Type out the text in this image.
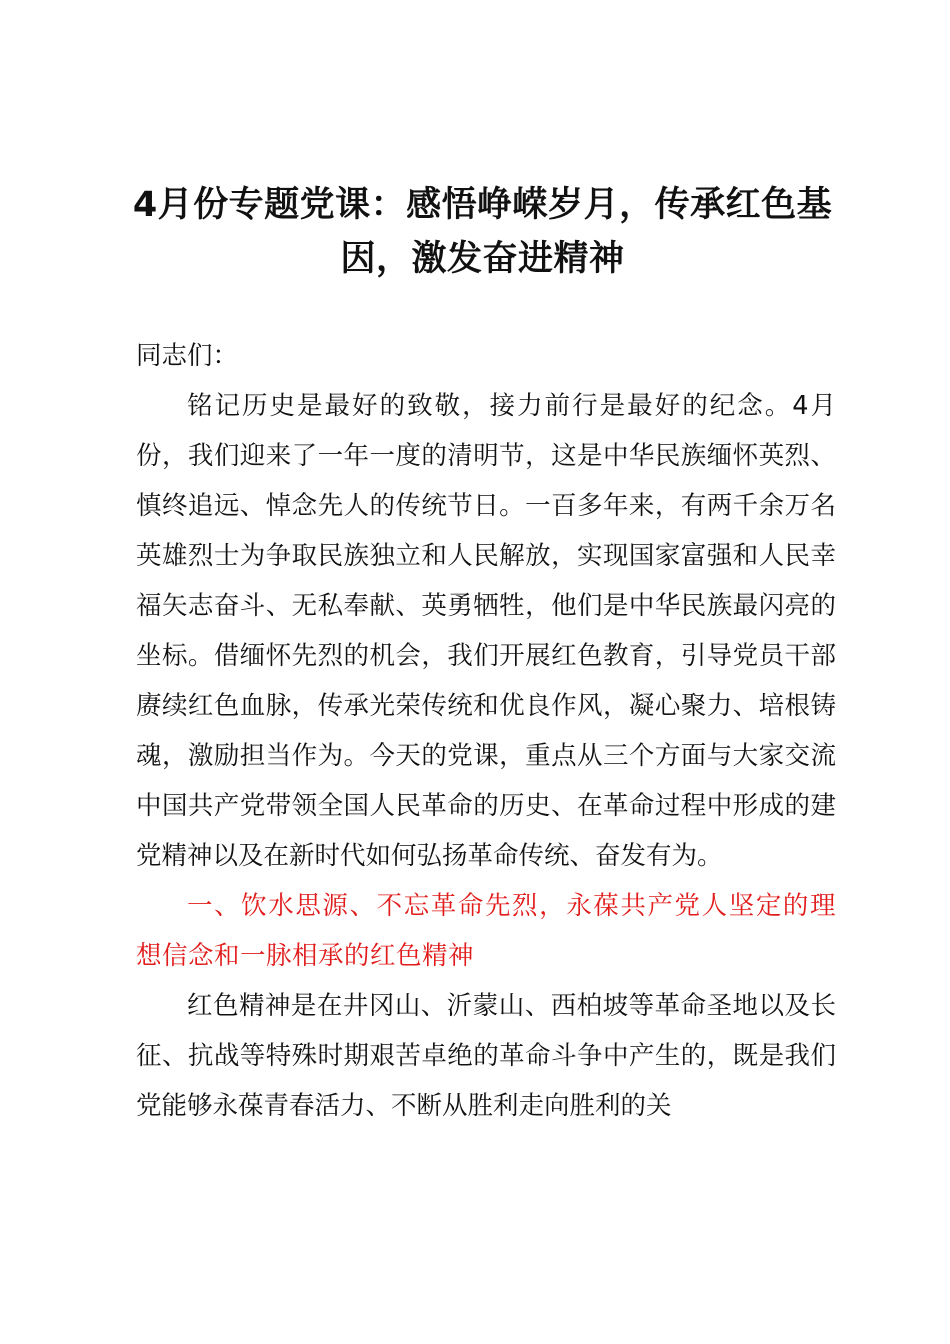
4月份专题党课：感悟峥嵘岁月，传承红色基因，激发奋进精神

同志们：

铭记历史是最好的致敬，接力前行是最好的纪念。4月份，我们迎来了一年一度的清明节，这是中华民族缅怀英烈、慎终追远、悼念先人的传统节日。一百多年来，有两千余万名英雄烈士为争取民族独立和人民解放，实现国家富强和人民幸福矢志奋斗、无私奉献、英勇牺牲，他们是中华民族最闪亮的坐标。借缅怀先烈的机会，我们开展红色教育，引导党员干部赓续红色血脉，传承光荣传统和优良作风，凝心聚力、培根铸魂，激励担当作为。今天的党课，重点从三个方面与大家交流中国共产党带领全国人民革命的历史、在革命过程中形成的建党精神以及在新时代如何弘扬革命传统、奋发有为。

一、饮水思源、不忘革命先烈，永葆共产党人坚定的理想信念和一脉相承的红色精神

红色精神是在井冈山、沂蒙山、西柏坡等革命圣地以及长征、抗战等特殊时期艰苦卓绝的革命斗争中产生的，既是我们党能够永葆青春活力、不断从胜利走向胜利的关
